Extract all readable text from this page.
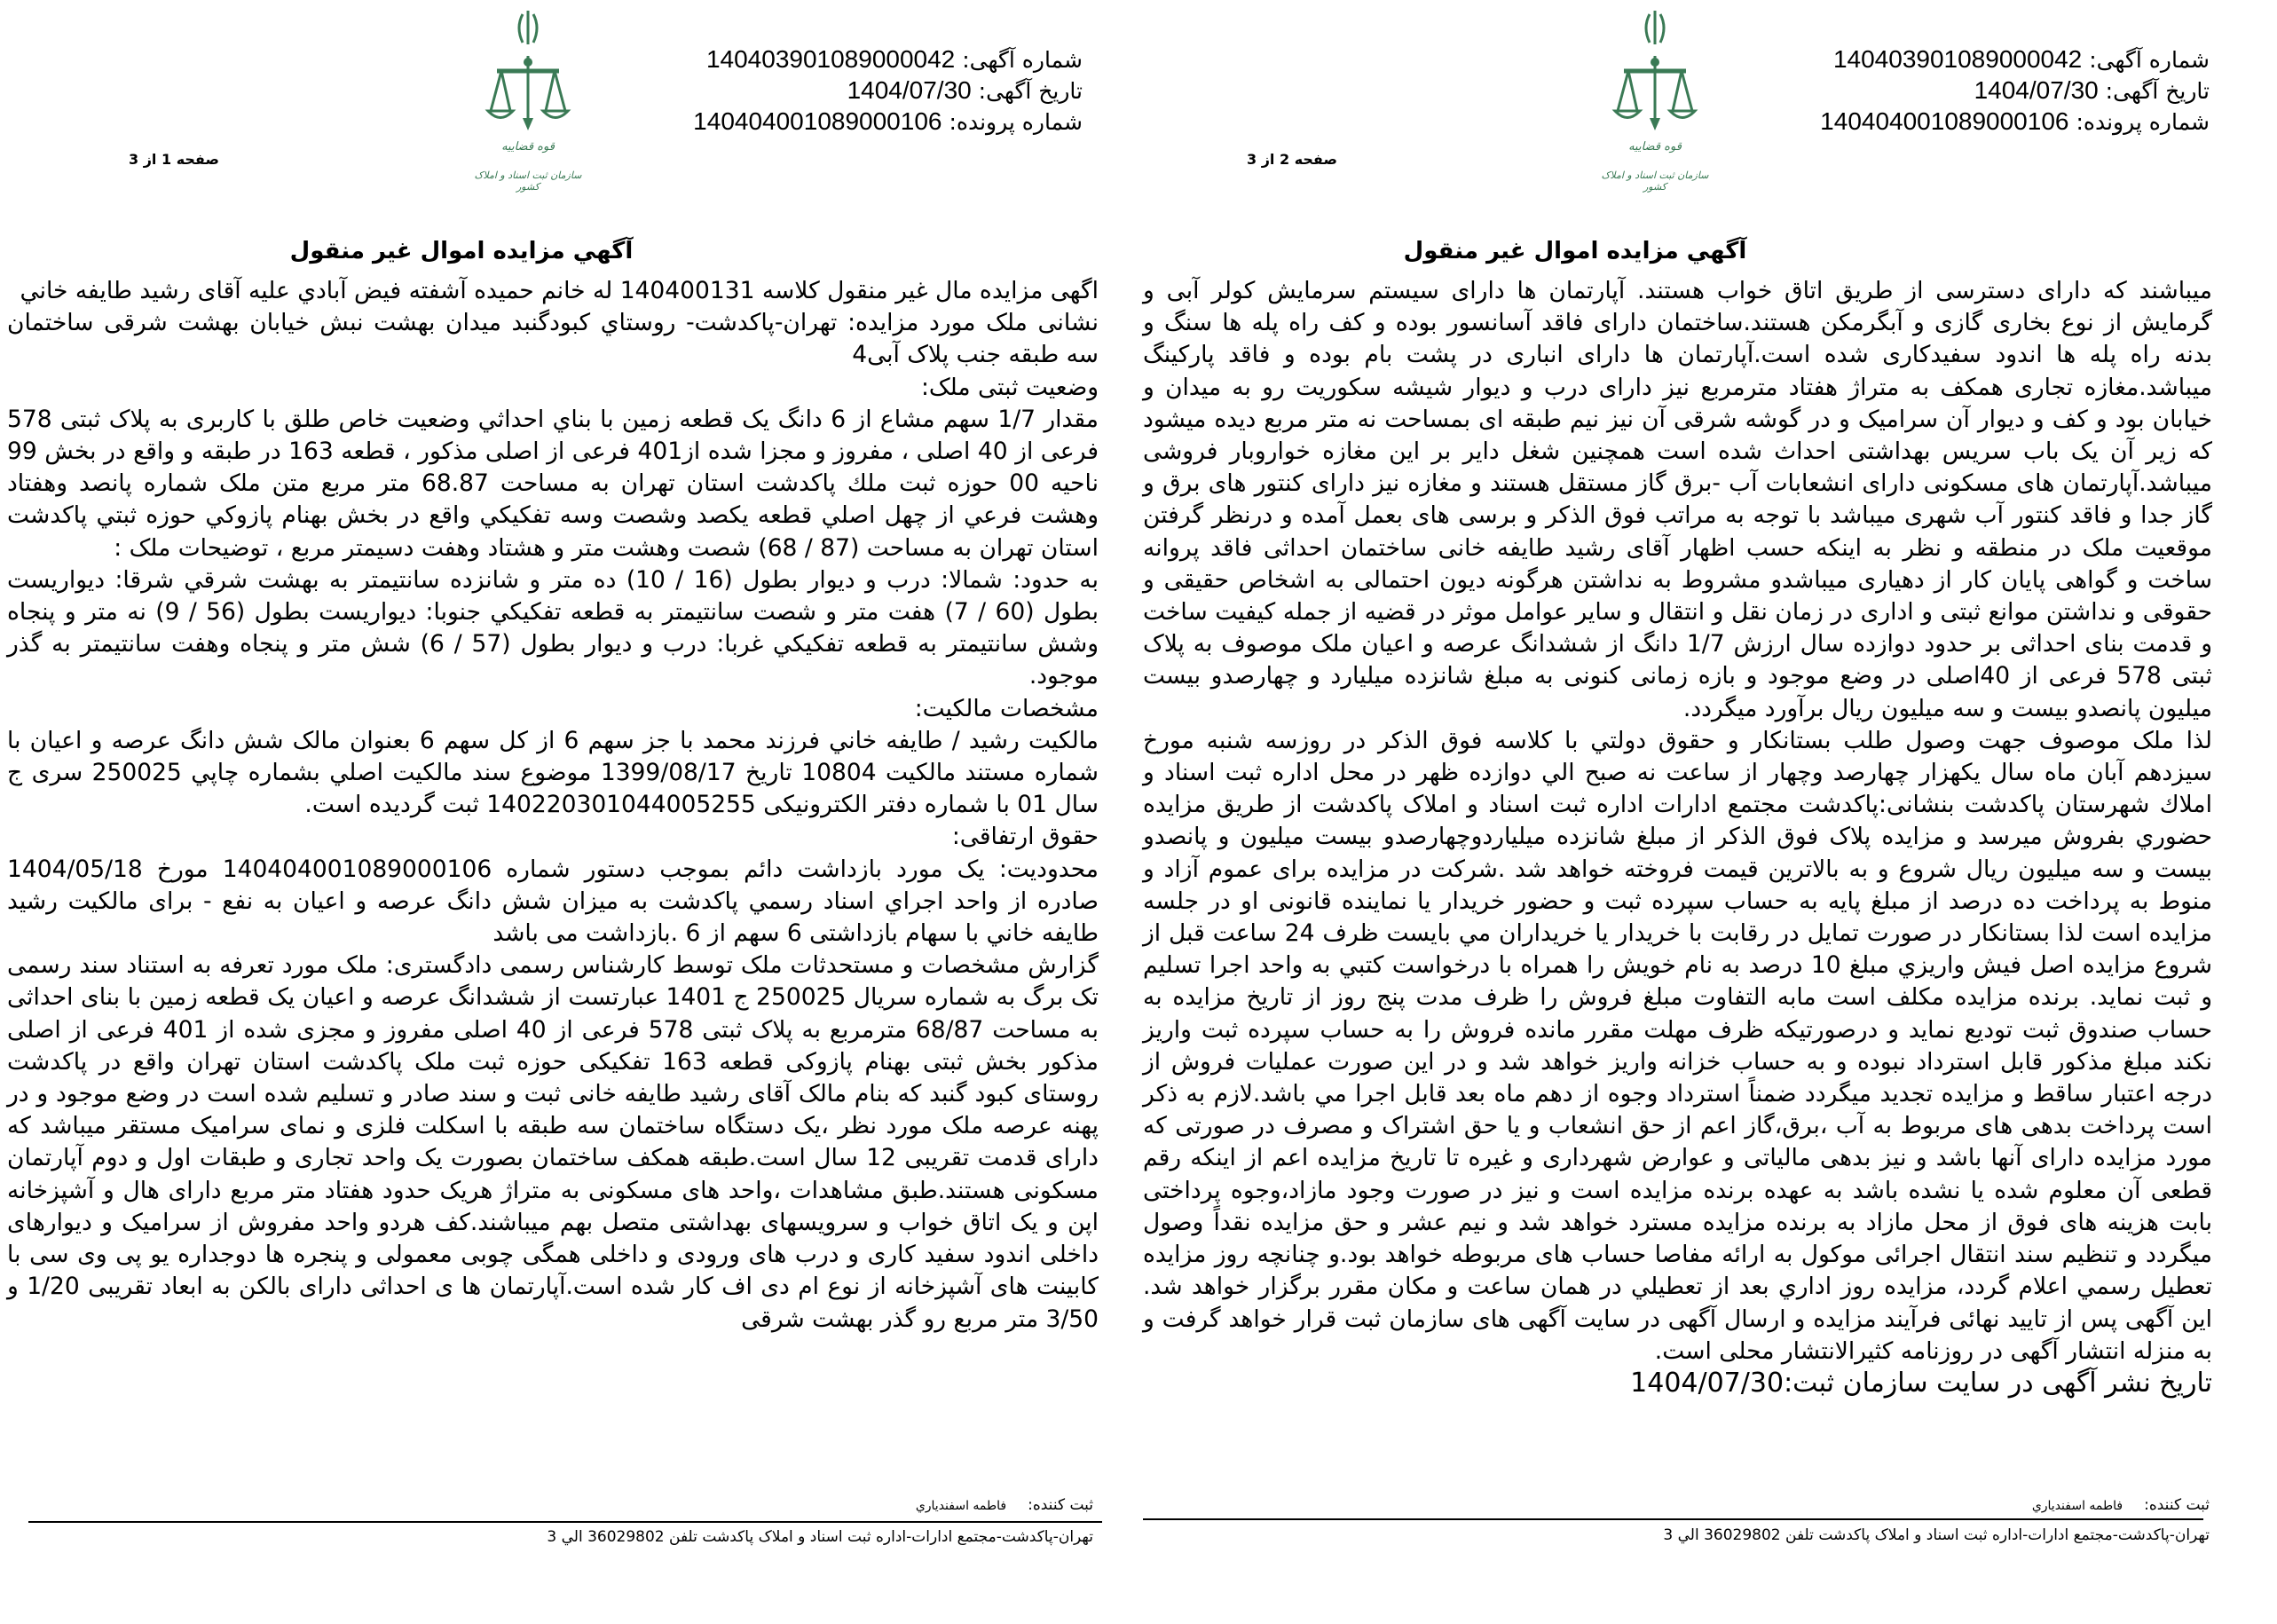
قوه قضاییه
سازمان ثبت اسناد و املاک کشور
شماره آگهی: 140403901089000042
تاریخ آگهی: 1404/07/30
شماره پرونده: 140404001089000106
صفحه 1 از 3
آگهي مزایده اموال غیر منقول

اگهی مزایده مال غیر منقول کلاسه 140400131 له خانم حمیده آشفته فیض آبادي علیه آقای رشید طایفه خاني

نشانی ملک مورد مزایده: تهران-پاکدشت- روستاي کبودگنبد میدان بهشت نبش خیابان بهشت شرقی ساختمان سه طبقه جنب پلاک آبی4

وضعیت ثبتی ملک:

مقدار 1/7 سهم مشاع از 6 دانگ یک قطعه زمین با بناي احداثي وضعیت خاص طلق با کاربری به پلاک ثبتی 578 فرعی از 40 اصلی ، مفروز و مجزا شده از401 فرعی از اصلی مذکور ، قطعه 163 در طبقه و واقع در بخش 99 ناحیه 00 حوزه ثبت ملك پاكدشت استان تهران به مساحت 68.87 متر مربع متن ملک شماره پانصد وهفتاد وهشت فرعي از چهل اصلي قطعه یکصد وشصت وسه تفکیکي واقع در بخش بهنام پازوكي حوزه ثبتي پاکدشت استان تهران به مساحت (87 / 68) شصت وهشت متر و هشتاد وهفت دسیمتر مربع ، توضیحات ملک :

به حدود: شمالا: درب و دیوار بطول (16 / 10) ده متر و شانزده سانتیمتر به بهشت شرقي شرقا: دیواریست بطول (60 / 7) هفت متر و شصت سانتیمتر به قطعه تفکیکي جنوبا: دیواریست بطول (56 / 9) نه متر و پنجاه وشش سانتیمتر به قطعه تفکیکي غربا: درب و دیوار بطول (57 / 6) شش متر و پنجاه وهفت سانتیمتر به گذر موجود.

مشخصات مالکیت:

مالکیت رشید / طایفه خاني فرزند محمد با جز سهم 6 از کل سهم 6 بعنوان مالک شش دانگ عرصه و اعیان با شماره مستند مالکیت 10804 تاریخ 1399/08/17 موضوع سند مالکیت اصلي بشماره چاپي 250025 سری ج سال 01 با شماره دفتر الکترونیکی 140220301044005255 ثبت گردیده است.

حقوق ارتفاقی:

محدودیت: یک مورد بازداشت دائم بموجب دستور شماره 140404001089000106 مورخ 1404/05/18 صادره از واحد اجراي اسناد رسمي پاکدشت به میزان شش دانگ عرصه و اعیان به نفع - برای مالکیت رشید طایفه خاني با سهام بازداشتی 6 سهم از 6 .بازداشت می باشد

گزارش مشخصات و مستحدثات ملک توسط کارشناس رسمی دادگستری: ملک مورد تعرفه به استناد سند رسمی تک برگ به شماره سریال 250025 ج 1401 عبارتست از ششدانگ عرصه و اعیان یک قطعه زمین با بنای احداثی به مساحت 68/87 مترمربع به پلاک ثبتی 578 فرعی از 40 اصلی مفروز و مجزی شده از 401 فرعی از اصلی مذکور بخش ثبتی بهنام پازوکی قطعه 163 تفکیکی حوزه ثبت ملک پاکدشت استان تهران واقع در پاکدشت روستای کبود گنبد که بنام مالک آقای رشید طایفه خانی ثبت و سند صادر و تسلیم شده است در وضع موجود و در پهنه عرصه ملک مورد نظر ،یک دستگاه ساختمان سه طبقه با اسکلت فلزی و نمای سرامیک مستقر میباشد که دارای قدمت تقریبی 12 سال است.طبقه همکف ساختمان بصورت یک واحد تجاری و طبقات اول و دوم آپارتمان مسکونی هستند.طبق مشاهدات ،واحد های مسکونی به متراژ هریک حدود هفتاد متر مربع دارای هال و آشپزخانه اپن و یک اتاق خواب و سرویسهای بهداشتی متصل بهم میباشند.کف هردو واحد مفروش از سرامیک و دیوارهای داخلی اندود سفید کاری و درب های ورودی و داخلی همگی چوبی معمولی و پنجره ها دوجداره یو پی وی سی با کابینت های آشپزخانه از نوع ام دی اف کار شده است.آپارتمان ها ی احداثی دارای بالکن به ابعاد تقریبی 1/20 و 3/50 متر مربع رو گذر بهشت شرقی

ثبت کننده:فاطمه اسفندیاري
تهران-پاکدشت-مجتمع ادارات-اداره ثبت اسناد و املاک پاکدشت تلفن 36029802 الي 3
قوه قضاییه
سازمان ثبت اسناد و املاک کشور
شماره آگهی: 140403901089000042
تاریخ آگهی: 1404/07/30
شماره پرونده: 140404001089000106
صفحه 2 از 3
آگهي مزایده اموال غیر منقول

میباشند که دارای دسترسی از طریق اتاق خواب هستند. آپارتمان ها دارای سیستم سرمایش کولر آبی و گرمایش از نوع بخاری گازی و آبگرمکن هستند.ساختمان دارای فاقد آسانسور بوده و کف راه پله ها سنگ و بدنه راه پله ها اندود سفیدکاری شده است.آپارتمان ها دارای انباری در پشت بام بوده و فاقد پارکینگ میباشد.مغازه تجاری همکف به متراژ هفتاد مترمربع نیز دارای درب و دیوار شیشه سکوریت رو به میدان و خیابان بود و کف و دیوار آن سرامیک و در گوشه شرقی آن نیز نیم طبقه ای بمساحت نه متر مربع دیده میشود که زیر آن یک باب سریس بهداشتی احداث شده است همچنین شغل دایر بر این مغازه خواروبار فروشی میباشد.آپارتمان های مسکونی دارای انشعابات آب -برق گاز مستقل هستند و مغازه نیز دارای کنتور های برق و گاز جدا و فاقد کنتور آب شهری میباشد با توجه به مراتب فوق الذکر و برسی های بعمل آمده و درنظر گرفتن موقعیت ملک در منطقه و نظر به اینکه حسب اظهار آقای رشید طایفه خانی ساختمان احداثی فاقد پروانه ساخت و گواهی پایان کار از دهیاری میباشدو مشروط به نداشتن هرگونه دیون احتمالی به اشخاص حقیقی و حقوقی و نداشتن موانع ثبتی و اداری در زمان نقل و انتقال و سایر عوامل موثر در قضیه از جمله کیفیت ساخت و قدمت بنای احداثی بر حدود دوازده سال ارزش 1/7 دانگ از ششدانگ عرصه و اعیان ملک موصوف به پلاک ثبتی 578 فرعی از 40اصلی در وضع موجود و بازه زمانی کنونی به مبلغ شانزده میلیارد و چهارصدو بیست میلیون پانصدو بیست و سه میلیون ریال برآورد میگردد.

لذا ملک موصوف جهت وصول طلب بستانکار و حقوق دولتي با کلاسه فوق الذکر در روزسه شنبه مورخ سیزدهم آبان ماه سال یکهزار چهارصد وچهار از ساعت نه صبح الي دوازده ظهر در محل اداره ثبت اسناد و املاك شهرستان پاکدشت بنشانی:پاکدشت مجتمع ادارات اداره ثبت اسناد و املاک پاکدشت از طریق مزایده حضوري بفروش میرسد و مزایده پلاک فوق الذکر از مبلغ شانزده میلیاردوچهارصدو بیست میلیون و پانصدو بیست و سه میلیون ریال شروع و به بالاترین قیمت فروخته خواهد شد .شرکت در مزایده برای عموم آزاد و منوط به پرداخت ده درصد از مبلغ پایه به حساب سپرده ثبت و حضور خریدار یا نماینده قانونی او در جلسه مزایده است لذا بستانکار در صورت تمایل در رقابت با خریدار یا خریداران مي بایست ظرف 24 ساعت قبل از شروع مزایده اصل فیش واریزي مبلغ 10 درصد به نام خویش را همراه با درخواست کتبي به واحد اجرا تسلیم و ثبت نماید. برنده مزایده مکلف است مابه التفاوت مبلغ فروش را ظرف مدت پنج روز از تاریخ مزایده به حساب صندوق ثبت تودیع نماید و درصورتیکه ظرف مهلت مقرر مانده فروش را به حساب سپرده ثبت واریز نکند مبلغ مذکور قابل استرداد نبوده و به حساب خزانه واریز خواهد شد و در این صورت عملیات فروش از درجه اعتبار ساقط و مزایده تجدید میگردد ضمناً استرداد وجوه از دهم ماه بعد قابل اجرا مي باشد.لازم به ذکر است پرداخت بدهی های مربوط به آب ،برق،گاز اعم از حق انشعاب و یا حق اشتراک و مصرف در صورتی که مورد مزایده دارای آنها باشد و نیز بدهی مالیاتی و عوارض شهرداری و غیره تا تاریخ مزایده اعم از اینکه رقم قطعی آن معلوم شده یا نشده باشد به عهده برنده مزایده است و نیز در صورت وجود مازاد،وجوه پرداختی بابت هزینه های فوق از محل مازاد به برنده مزایده مسترد خواهد شد و نیم عشر و حق مزایده نقداً وصول میگردد و تنظیم سند انتقال اجرائی موکول به ارائه مفاصا حساب های مربوطه خواهد بود.و چنانچه روز مزایده تعطیل رسمي اعلام گردد، مزایده روز اداري بعد از تعطیلي در همان ساعت و مکان مقرر برگزار خواهد شد. این آگهی پس از تایید نهائی فرآیند مزایده و ارسال آگهی در سایت آگهی های سازمان ثبت قرار خواهد گرفت و به منزله انتشار آگهی در روزنامه کثیرالانتشار محلی است.

تاریخ نشر آگهی در سایت سازمان ثبت:1404/07/30

ثبت کننده:فاطمه اسفندیاري
تهران-پاکدشت-مجتمع ادارات-اداره ثبت اسناد و املاک پاکدشت تلفن 36029802 الي 3
